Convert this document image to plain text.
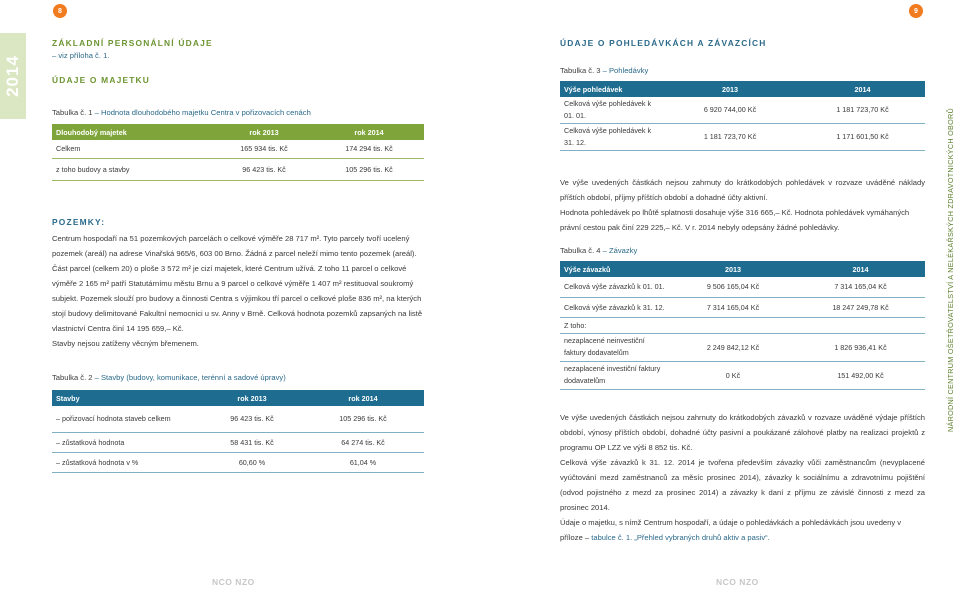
8	9
2014
NÁRODNÍ CENTRUM OŠETŘOVATELSTVÍ A NELÉKAŘSKÝCH ZDRAVOTNICKÝCH OBORŮ
ZÁKLADNÍ PERSONÁLNÍ ÚDAJE
– viz příloha č. 1.
ÚDAJE O MAJETKU
Tabulka č. 1 – Hodnota dlouhodobého majetku Centra v pořizovacích cenách
Dlouhodobý majetek	rok 2013	rok 2014
Celkem	165 934 tis. Kč	174 294 tis. Kč
z toho budovy a stavby	96 423 tis. Kč	105 296 tis. Kč
POZEMKY:

Centrum hospodaří na 51 pozemkových parcelách o celkové výměře 28 717 m². Tyto parcely tvoří ucelený pozemek (areál) na adrese Vinařská 965/6, 603 00 Brno. Žádná z parcel neleží mimo tento pozemek (areál). Část parcel (celkem 20) o ploše 3 572 m² je cizí majetek, které Centrum užívá. Z toho 11 parcel o celkové výměře 2 165 m² patří Statutárnímu městu Brnu a 9 parcel o celkové výměře 1 407 m² restituoval soukromý subjekt. Pozemek slouží pro budovy a činnosti Centra s výjimkou tří parcel o celkové ploše 836 m², na kterých stojí budovy delimitované Fakultní nemocnici u sv. Anny v Brně. Celková hodnota pozemků zapsaných na listě vlastnictví Centra činí 14 195 659,– Kč.

Stavby nejsou zatíženy věcným břemenem.

Tabulka č. 2 – Stavby (budovy, komunikace, terénní a sadové úpravy)
Stavby	rok 2013	rok 2014
– pořizovací hodnota staveb celkem	96 423 tis. Kč	105 296 tis. Kč
– zůstatková hodnota	58 431 tis. Kč	64 274 tis. Kč
– zůstatková hodnota v %	60,60 %	61,04 %
ÚDAJE O POHLEDÁVKÁCH A ZÁVAZCÍCH
Tabulka č. 3 – Pohledávky
Výše pohledávek	2013	2014
Celková výše pohledávek k 01. 01.	6 920 744,00 Kč	1 181 723,70 Kč
Celková výše pohledávek k 31. 12.	1 181 723,70 Kč	1 171 601,50 Kč

Ve výše uvedených částkách nejsou zahrnuty do krátkodobých pohledávek v rozvaze uváděné náklady příštích období, příjmy příštích období a dohadné účty aktivní.

Hodnota pohledávek po lhůtě splatnosti dosahuje výše 316 665,– Kč. Hodnota pohledávek vymáhaných právní cestou pak činí 229 225,– Kč. V r. 2014 nebyly odepsány žádné pohledávky.

Tabulka č. 4 – Závazky
Výše závazků	2013	2014
Celková výše závazků k 01. 01.	9 506 165,04 Kč	7 314 165,04 Kč
Celková výše závazků k 31. 12.	7 314 165,04 Kč	18 247 249,78 Kč
Z toho:		
nezaplacené neinvestiční faktury dodavatelům	2 249 842,12 Kč	1 826 936,41 Kč
nezaplacené investiční faktury dodavatelům	0 Kč	151 492,00 Kč

Ve výše uvedených částkách nejsou zahrnuty do krátkodobých závazků v rozvaze uváděné výdaje příštích období, výnosy příštích období, dohadné účty pasivní a poukázané zálohové platby na realizaci projektů z programu OP LZZ ve výši 8 852 tis. Kč.

Celková výše závazků k 31. 12. 2014 je tvořena především závazky vůči zaměstnancům (nevyplacené vyúčtování mezd zaměstnanců za měsíc prosinec 2014), závazky k sociálnímu a zdravotnímu pojištění (odvod pojistného z mezd za prosinec 2014) a závazky k daní z příjmu ze závislé činnosti z mezd za prosinec 2014.

Údaje o majetku, s nímž Centrum hospodaří, a údaje o pohledávkách a pohledávkách jsou uvedeny v příloze – tabulce č. 1. „Přehled vybraných druhů aktiv a pasiv“.

NCO NZO	NCO NZO
